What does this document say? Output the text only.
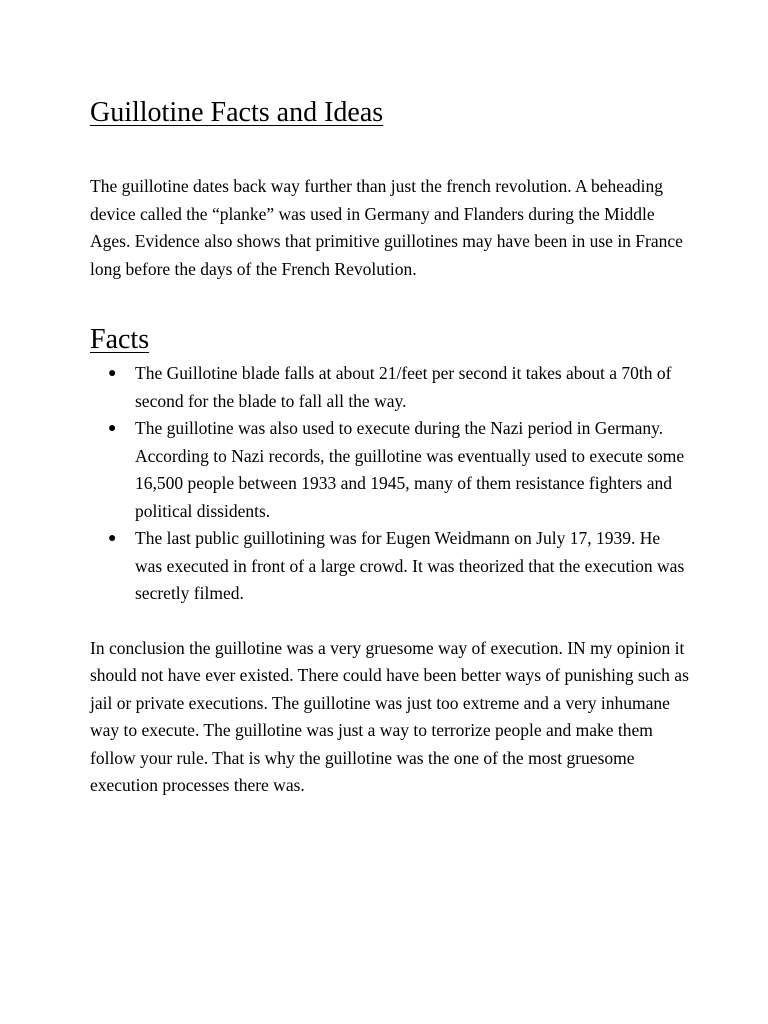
Guillotine Facts and Ideas

The guillotine dates back way further than just the french revolution. A beheading device called the “planke” was used in Germany and Flanders during the Middle Ages. Evidence also shows that primitive guillotines may have been in use in France long before the days of the French Revolution.

Facts
● The Guillotine blade falls at about 21/feet per second it takes about a 70th of second for the blade to fall all the way.
● The guillotine was also used to execute during the Nazi period in Germany. According to Nazi records, the guillotine was eventually used to execute some 16,500 people between 1933 and 1945, many of them resistance fighters and political dissidents.
● The last public guillotining was for Eugen Weidmann on July 17, 1939. He was executed in front of a large crowd. It was theorized that the execution was secretly filmed.

In conclusion the guillotine was a very gruesome way of execution. IN my opinion it should not have ever existed. There could have been better ways of punishing such as jail or private executions. The guillotine was just too extreme and a very inhumane way to execute. The guillotine was just a way to terrorize people and make them follow your rule. That is why the guillotine was the one of the most gruesome execution processes there was.
